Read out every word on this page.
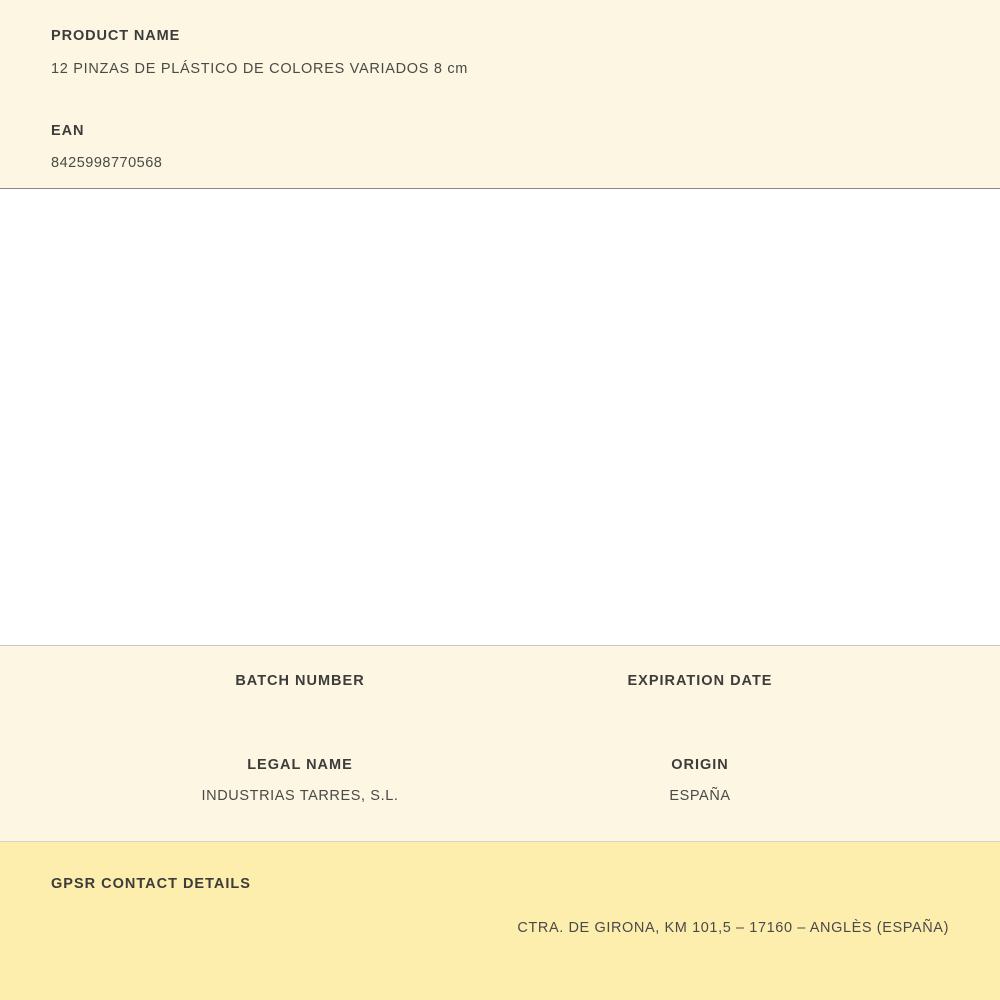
PRODUCT NAME
12 PINZAS DE PLÁSTICO DE COLORES VARIADOS 8 cm
EAN
8425998770568
BATCH NUMBER	EXPIRATION DATE
LEGAL NAME
INDUSTRIAS TARRES, S.L.
ORIGIN
ESPAÑA
GPSR CONTACT DETAILS
CTRA. DE GIRONA, KM 101,5 – 17160 – ANGLÈS (ESPAÑA)
